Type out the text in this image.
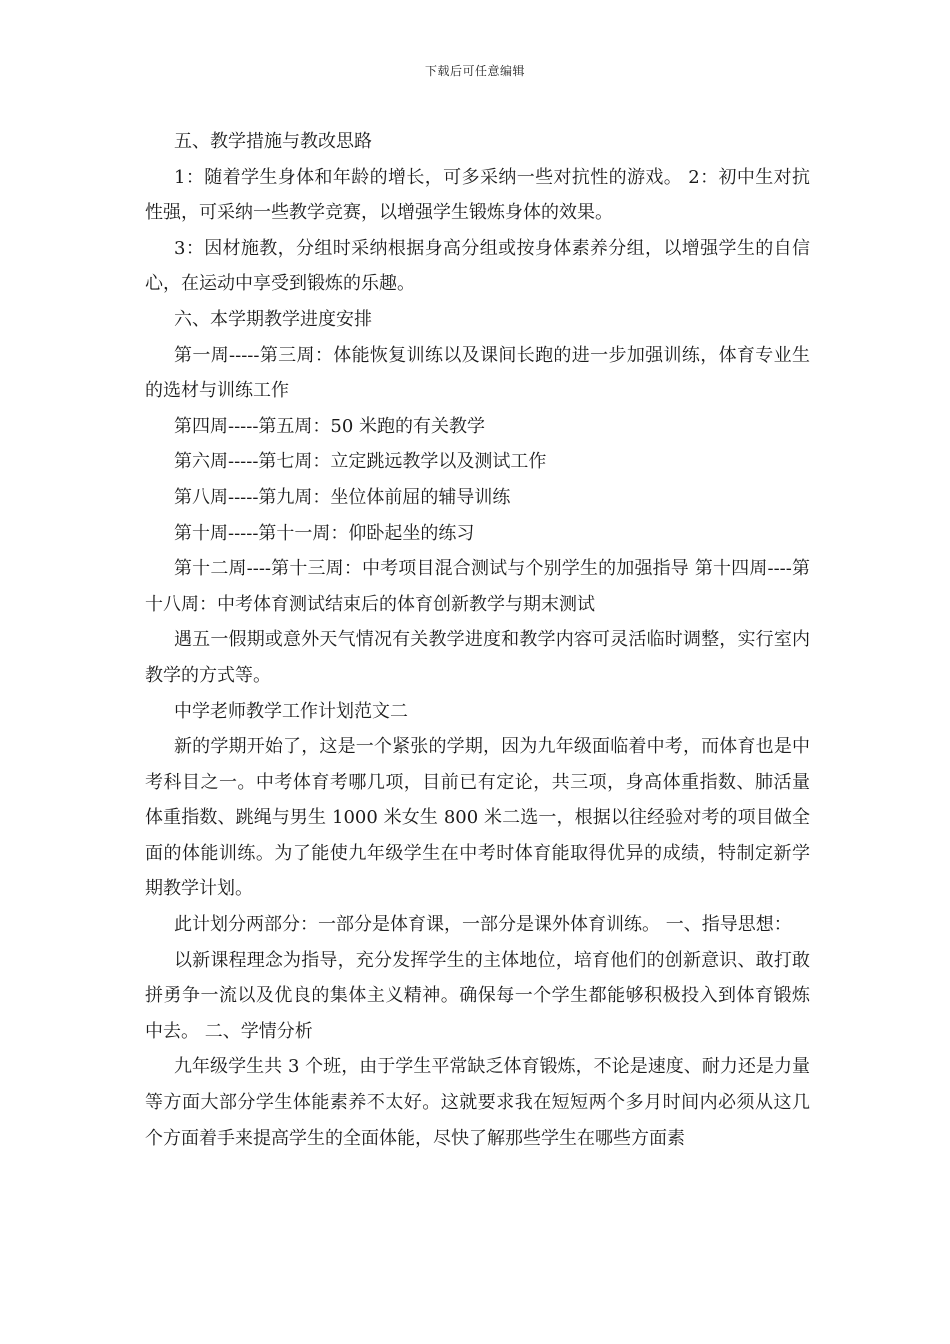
下载后可任意编辑

五、教学措施与教改思路

1：随着学生身体和年龄的增长，可多采纳一些对抗性的游戏。 2：初中生对抗性强，可采纳一些教学竞赛，以增强学生锻炼身体的效果。

3：因材施教，分组时采纳根据身高分组或按身体素养分组，以增强学生的自信心，在运动中享受到锻炼的乐趣。

六、本学期教学进度安排

第一周-----第三周：体能恢复训练以及课间长跑的进一步加强训练，体育专业生的选材与训练工作

第四周-----第五周：50 米跑的有关教学

第六周-----第七周：立定跳远教学以及测试工作

第八周-----第九周：坐位体前屈的辅导训练

第十周-----第十一周：仰卧起坐的练习

第十二周----第十三周：中考项目混合测试与个别学生的加强指导 第十四周----第十八周：中考体育测试结束后的体育创新教学与期末测试

遇五一假期或意外天气情况有关教学进度和教学内容可灵活临时调整，实行室内教学的方式等。

中学老师教学工作计划范文二

新的学期开始了，这是一个紧张的学期，因为九年级面临着中考，而体育也是中考科目之一。中考体育考哪几项，目前已有定论，共三项，身高体重指数、肺活量体重指数、跳绳与男生 1000 米女生 800 米二选一，根据以往经验对考的项目做全面的体能训练。为了能使九年级学生在中考时体育能取得优异的成绩，特制定新学期教学计划。

此计划分两部分：一部分是体育课，一部分是课外体育训练。 一、指导思想：

以新课程理念为指导，充分发挥学生的主体地位，培育他们的创新意识、敢打敢拼勇争一流以及优良的集体主义精神。确保每一个学生都能够积极投入到体育锻炼中去。 二、学情分析

九年级学生共 3 个班，由于学生平常缺乏体育锻炼，不论是速度、耐力还是力量等方面大部分学生体能素养不太好。这就要求我在短短两个多月时间内必须从这几个方面着手来提高学生的全面体能，尽快了解那些学生在哪些方面素
